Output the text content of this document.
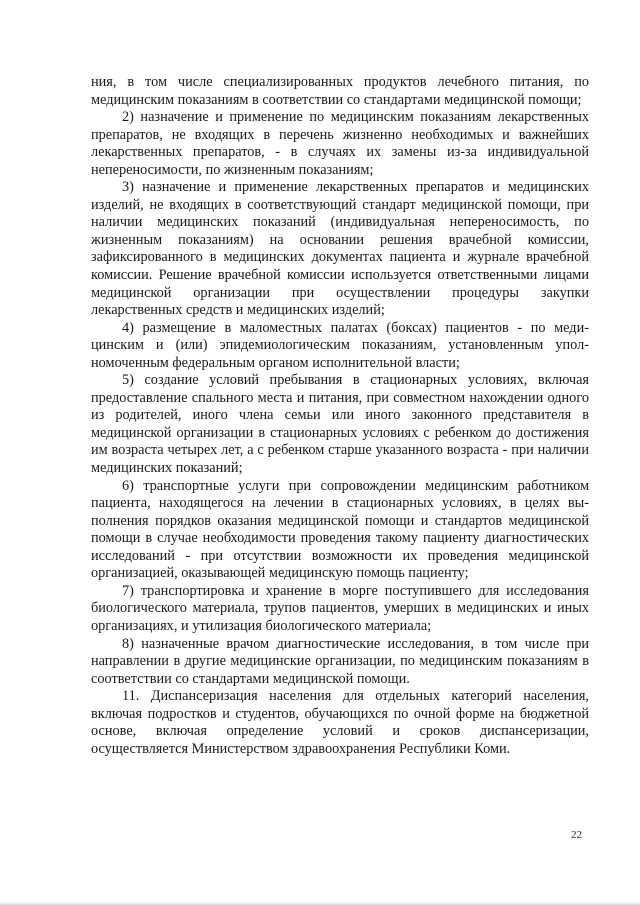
ния, в том числе специализированных продуктов лечебного питания, по медицинским показаниям в соответствии со стандартами медицинской помощи;

2) назначение и применение по медицинским показаниям лекарственных препаратов, не входящих в перечень жизненно необходимых и важнейших лекарственных препаратов, - в случаях их замены из-за индивидуальной непереносимости, по жизненным показаниям;

3) назначение и применение лекарственных препаратов и медицинских изделий, не входящих в соответствующий стандарт медицинской помощи, при наличии медицинских показаний (индивидуальная непереносимость, по жизненным показаниям) на основании решения врачебной комиссии, зафиксированного в медицинских документах пациента и журнале врачебной комиссии. Решение врачебной комиссии используется ответственными лицами медицинской организации при осуществлении процедуры закупки лекарственных средств и медицинских изделий;

4) размещение в маломестных палатах (боксах) пациентов - по медицинским и (или) эпидемиологическим показаниям, установленным уполномоченным федеральным органом исполнительной власти;

5) создание условий пребывания в стационарных условиях, включая предоставление спального места и питания, при совместном нахождении одного из родителей, иного члена семьи или иного законного представителя в медицинской организации в стационарных условиях с ребенком до достижения им возраста четырех лет, а с ребенком старше указанного возраста - при наличии медицинских показаний;

6) транспортные услуги при сопровождении медицинским работником пациента, находящегося на лечении в стационарных условиях, в целях выполнения порядков оказания медицинской помощи и стандартов медицинской помощи в случае необходимости проведения такому пациенту диагностических исследований - при отсутствии возможности их проведения медицинской организацией, оказывающей медицинскую помощь пациенту;

7) транспортировка и хранение в морге поступившего для исследования биологического материала, трупов пациентов, умерших в медицинских и иных организациях, и утилизация биологического материала;

8) назначенные врачом диагностические исследования, в том числе при направлении в другие медицинские организации, по медицинским показаниям в соответствии со стандартами медицинской помощи.

11. Диспансеризация населения для отдельных категорий населения, включая подростков и студентов, обучающихся по очной форме на бюджетной основе, включая определение условий и сроков диспансеризации, осуществляется Министерством здравоохранения Республики Коми.

22
